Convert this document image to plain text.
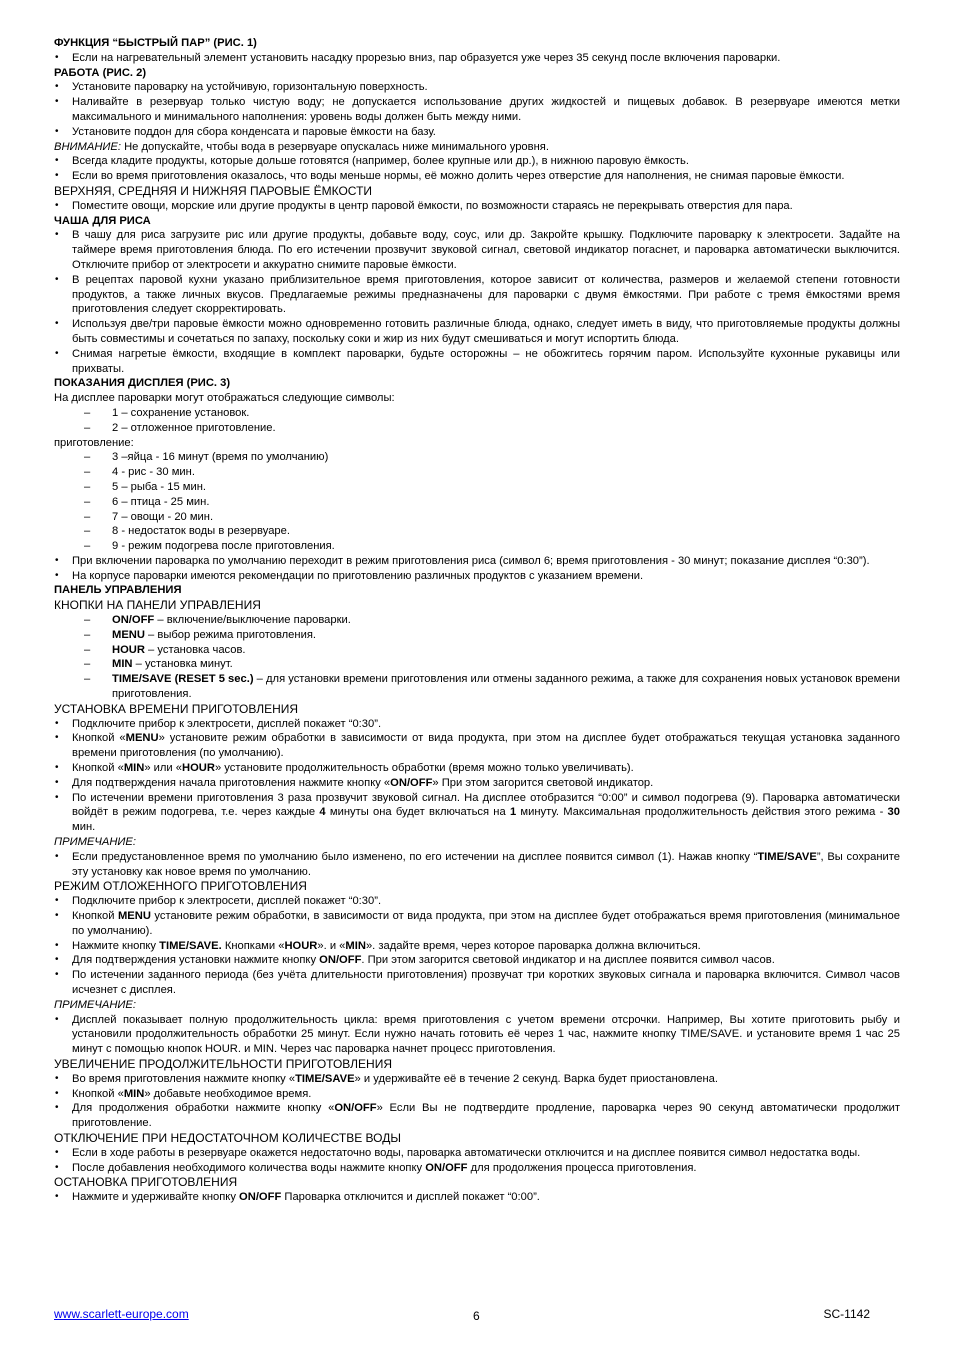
ФУНКЦИЯ “БЫСТРЫЙ ПАР” (РИС. 1)
• Если на нагревательный элемент установить насадку прорезью вниз, пар образуется уже через 35 секунд после включения пароварки.
РАБОТА (РИС. 2)
• Установите пароварку на устойчивую, горизонтальную поверхность.
• Наливайте в резервуар только чистую воду; не допускается использование других жидкостей и пищевых добавок. В резервуаре имеются метки максимального и минимального наполнения: уровень воды должен быть между ними.
• Установите поддон для сбора конденсата и паровые ёмкости на базу.
ВНИМАНИЕ: Не допускайте, чтобы вода в резервуаре опускалась ниже минимального уровня.
• Всегда кладите продукты, которые дольше готовятся (например, более крупные или др.), в нижнюю паровую ёмкость.
• Если во время приготовления оказалось, что воды меньше нормы, её можно долить через отверстие для наполнения, не снимая паровые ёмкости.
ВЕРХНЯЯ, СРЕДНЯЯ И НИЖНЯЯ ПАРОВЫЕ ЁМКОСТИ
• Поместите овощи, морские или другие продукты в центр паровой ёмкости, по возможности стараясь не перекрывать отверстия для пара.
ЧАША ДЛЯ РИСА
• В чашу для риса загрузите рис или другие продукты, добавьте воду, соус, или др. Закройте крышку. Подключите пароварку к электросети. Задайте на таймере время приготовления блюда. По его истечении прозвучит звуковой сигнал, световой индикатор погаснет, и пароварка автоматически выключится. Отключите прибор от электросети и аккуратно снимите паровые ёмкости.
• В рецептах паровой кухни указано приблизительное время приготовления, которое зависит от количества, размеров и желаемой степени готовности продуктов, а также личных вкусов. Предлагаемые режимы предназначены для пароварки с двумя ёмкостями. При работе с тремя ёмкостями время приготовления следует скорректировать.
• Используя две/три паровые ёмкости можно одновременно готовить различные блюда, однако, следует иметь в виду, что приготовляемые продукты должны быть совместимы и сочетаться по запаху, поскольку соки и жир из них будут смешиваться и могут испортить блюда.
• Снимая нагретые ёмкости, входящие в комплект пароварки, будьте осторожны – не обожгитесь горячим паром. Используйте кухонные рукавицы или прихваты.
ПОКАЗАНИЯ ДИСПЛЕЯ (РИС. 3)
На дисплее пароварки могут отображаться следующие символы:
– 1 – сохранение установок.
– 2 – отложенное приготовление.
приготовление:
– 3 –яйца - 16 минут (время по умолчанию)
– 4 - рис - 30 мин.
– 5 – рыба - 15 мин.
– 6 – птица - 25 мин.
– 7 – овощи - 20 мин.
– 8 - недостаток воды в резервуаре.
– 9 - режим подогрева после приготовления.
• При включении пароварка по умолчанию переходит в режим приготовления риса (символ 6; время приготовления - 30 минут; показание дисплея “0:30”).
• На корпусе пароварки имеются рекомендации по приготовлению различных продуктов с указанием времени.
ПАНЕЛЬ УПРАВЛЕНИЯ
КНОПКИ НА ПАНЕЛИ УПРАВЛЕНИЯ
– ON/OFF – включение/выключение пароварки.
– MENU – выбор режима приготовления.
– HOUR – установка часов.
– MIN – установка минут.
– TIME/SAVE (RESET 5 sec.) – для установки времени приготовления или отмены заданного режима, а также для сохранения новых установок времени приготовления.
УСТАНОВКА ВРЕМЕНИ ПРИГОТОВЛЕНИЯ
• Подключите прибор к электросети, дисплей покажет “0:30”.
• Кнопкой «MENU» установите режим обработки в зависимости от вида продукта, при этом на дисплее будет отображаться текущая установка заданного времени приготовления (по умолчанию).
• Кнопкой «MIN» или «HOUR» установите продолжительность обработки (время можно только увеличивать).
• Для подтверждения начала приготовления нажмите кнопку «ON/OFF» При этом загорится световой индикатор.
• По истечении времени приготовления 3 раза прозвучит звуковой сигнал. На дисплее отобразится “0:00” и символ подогрева (9). Пароварка автоматически войдёт в режим подогрева, т.е. через каждые 4 минуты она будет включаться на 1 минуту. Максимальная продолжительность действия этого режима - 30 мин.
ПРИМЕЧАНИЕ:
• Если предустановленное время по умолчанию было изменено, по его истечении на дисплее появится символ (1). Нажав кнопку “TIME/SAVE”, Вы сохраните эту установку как новое время по умолчанию.
РЕЖИМ ОТЛОЖЕННОГО ПРИГОТОВЛЕНИЯ
• Подключите прибор к электросети, дисплей покажет “0:30”.
• Кнопкой MENU установите режим обработки, в зависимости от вида продукта, при этом на дисплее будет отображаться время приготовления (минимальное по умолчанию).
• Нажмите кнопку TIME/SAVE. Кнопками «HOUR». и «MIN». задайте время, через которое пароварка должна включиться.
• Для подтверждения установки нажмите кнопку ON/OFF. При этом загорится световой индикатор и на дисплее появится символ часов.
• По истечении заданного периода (без учёта длительности приготовления) прозвучат три коротких звуковых сигнала и пароварка включится. Символ часов исчезнет с дисплея.
ПРИМЕЧАНИЕ:
• Дисплей показывает полную продолжительность цикла: время приготовления с учетом времени отсрочки. Например, Вы хотите приготовить рыбу и установили продолжительность обработки 25 минут. Если нужно начать готовить её через 1 час, нажмите кнопку TIME/SAVE. и установите время 1 час 25 минут с помощью кнопок HOUR. и MIN. Через час пароварка начнет процесс приготовления.
УВЕЛИЧЕНИЕ ПРОДОЛЖИТЕЛЬНОСТИ ПРИГОТОВЛЕНИЯ
• Во время приготовления нажмите кнопку «TIME/SAVE» и удерживайте её в течение 2 секунд. Варка будет приостановлена.
• Кнопкой «MIN» добавьте необходимое время.
• Для продолжения обработки нажмите кнопку «ON/OFF» Если Вы не подтвердите продление, пароварка через 90 секунд автоматически продолжит приготовление.
ОТКЛЮЧЕНИЕ ПРИ НЕДОСТАТОЧНОМ КОЛИЧЕСТВЕ ВОДЫ
• Если в ходе работы в резервуаре окажется недостаточно воды, пароварка автоматически отключится и на дисплее появится символ недостатка воды.
• После добавления необходимого количества воды нажмите кнопку ON/OFF для продолжения процесса приготовления.
ОСТАНОВКА ПРИГОТОВЛЕНИЯ
• Нажмите и удерживайте кнопку ON/OFF Пароварка отключится и дисплей покажет “0:00”.
www.scarlett-europe.com	6	SC-1142
